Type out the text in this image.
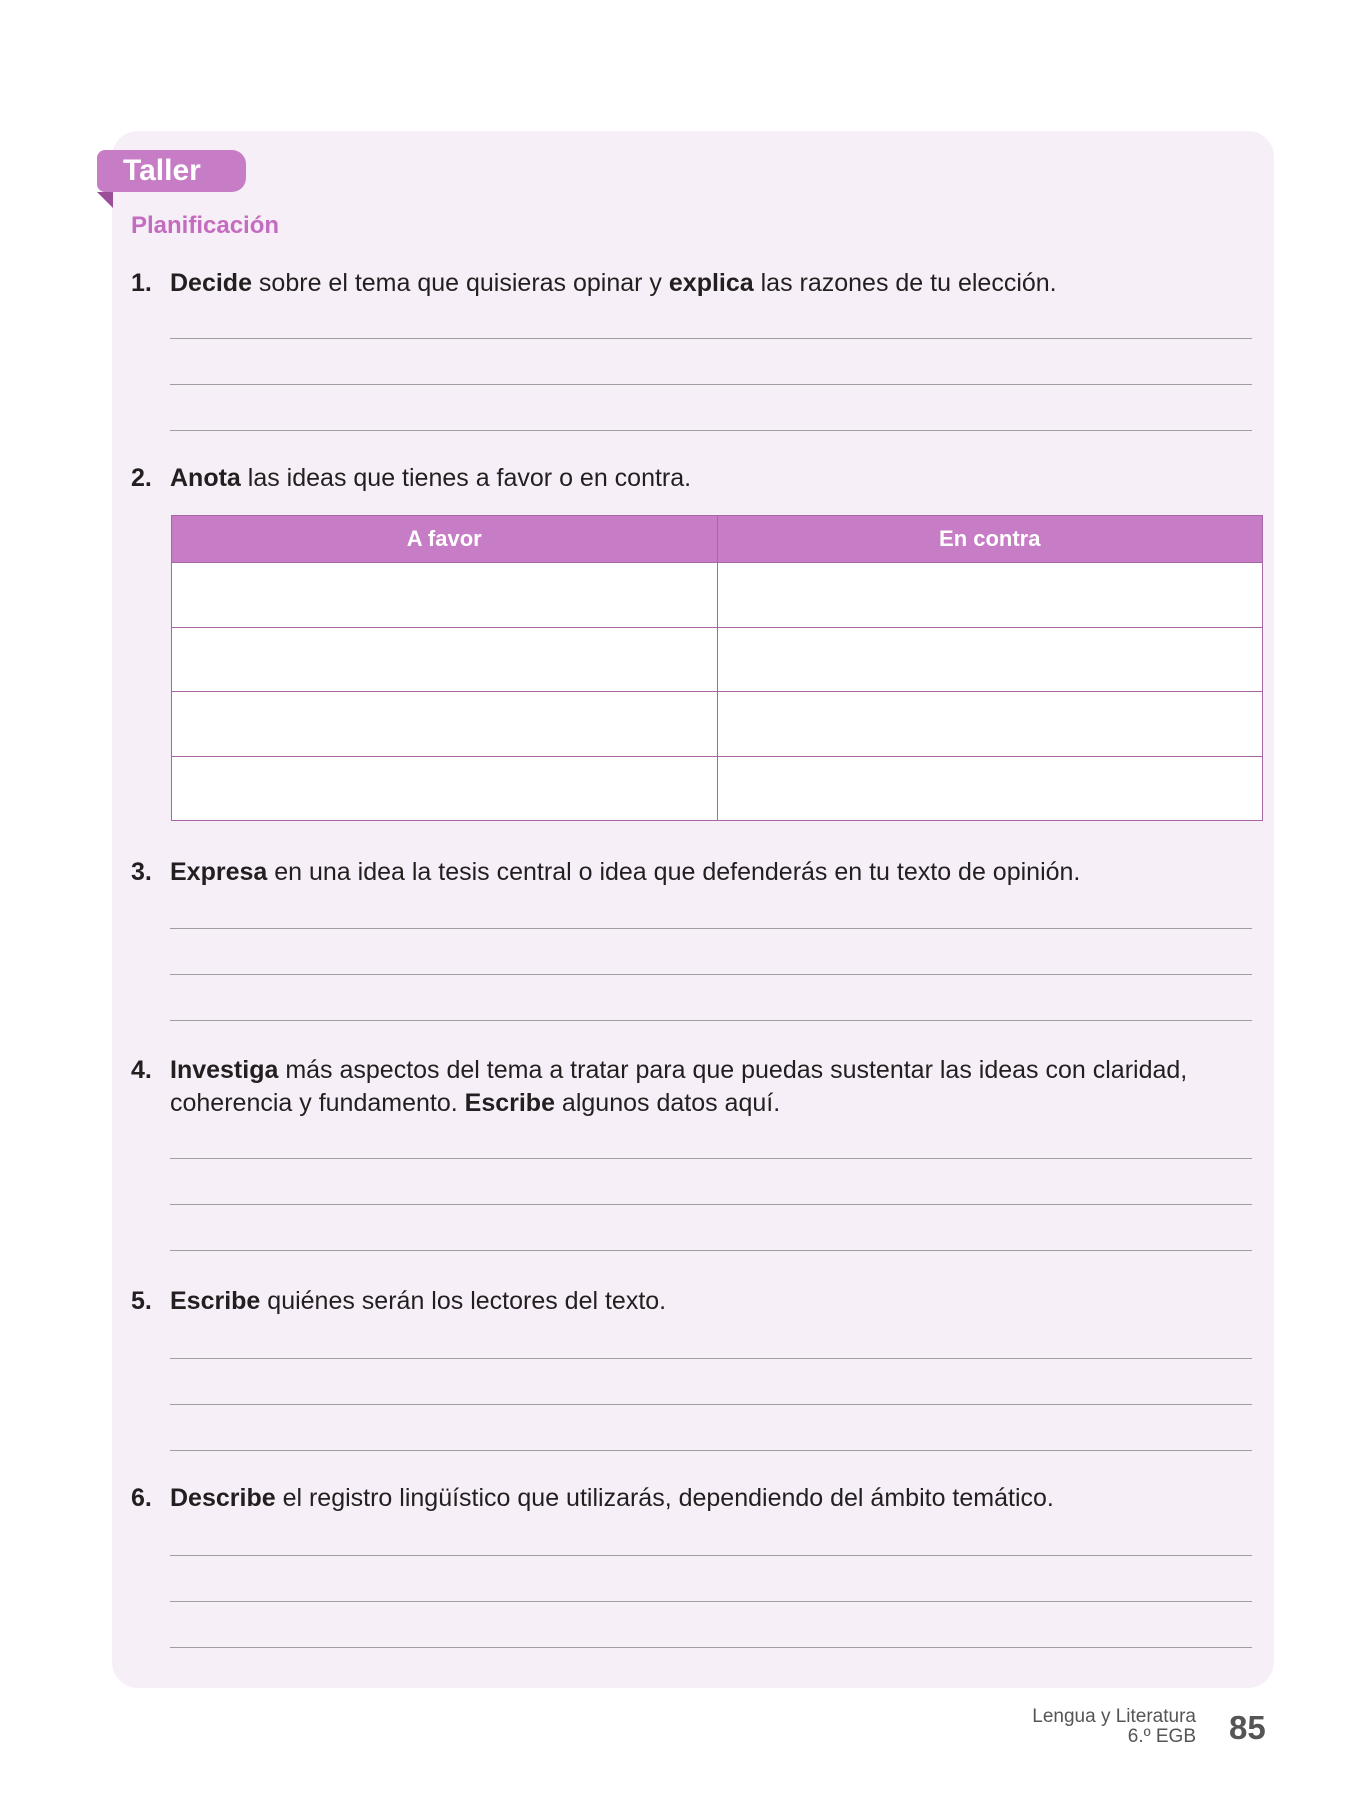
Taller
Planificación
1. Decide sobre el tema que quisieras opinar y explica las razones de tu elección.
2. Anota las ideas que tienes a favor o en contra.
A favor	En contra

3. Expresa en una idea la tesis central o idea que defenderás en tu texto de opinión.
4. Investiga más aspectos del tema a tratar para que puedas sustentar las ideas con claridad, coherencia y fundamento. Escribe algunos datos aquí.
5. Escribe quiénes serán los lectores del texto.
6. Describe el registro lingüístico que utilizarás, dependiendo del ámbito temático.
Lengua y Literatura
6.º EGB 85
